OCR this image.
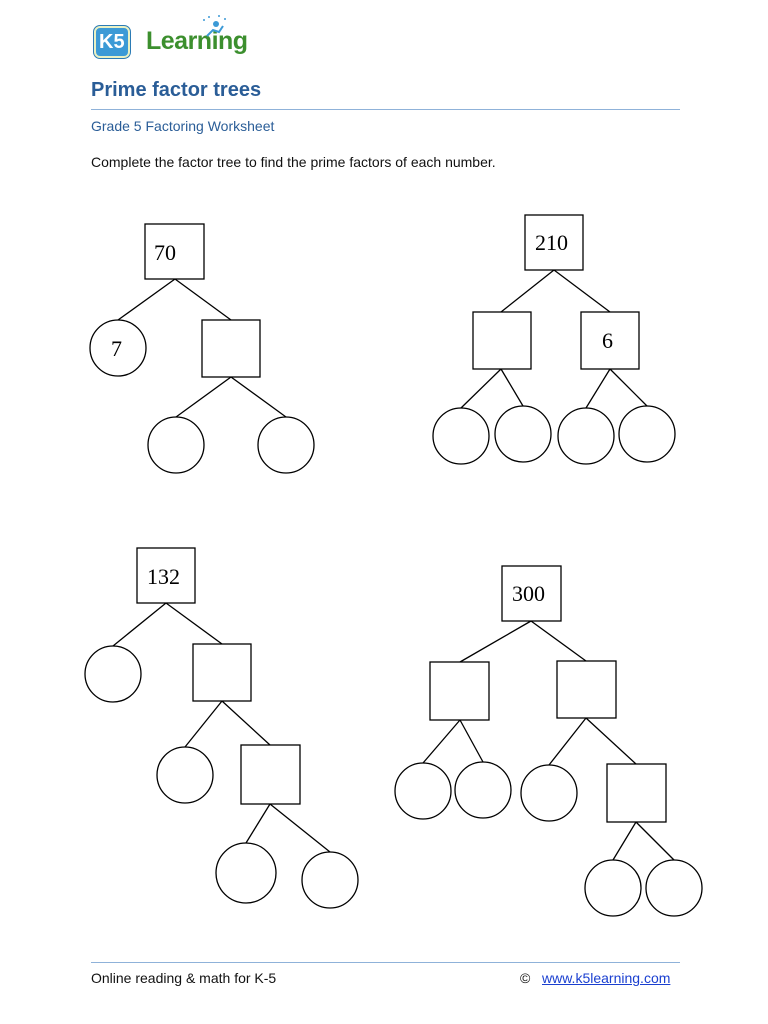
K5 Learning
Prime factor trees
Grade 5 Factoring Worksheet
Complete the factor tree to find the prime factors of each number.
70
7
210
6
132
300
Online reading & math for K-5	© www.k5learning.com
